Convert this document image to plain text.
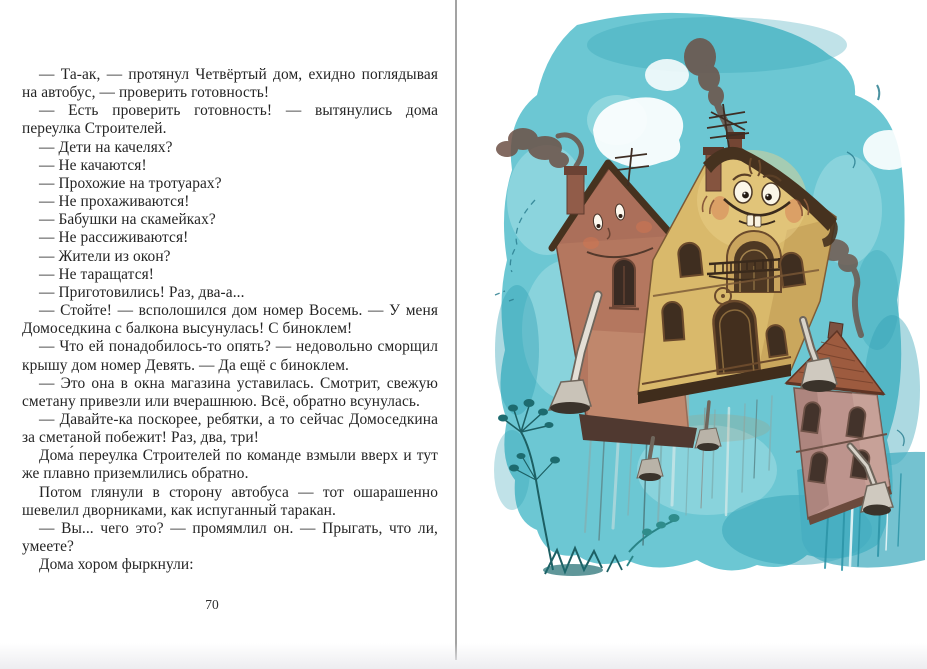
— Та-ак, — протянул Четвёртый дом, ехидно поглядывая на автобус, — проверить готовность!

— Есть проверить готовность! — вытянулись дома переулка Строителей.

— Дети на качелях?

— Не качаются!

— Прохожие на тротуарах?

— Не прохаживаются!

— Бабушки на скамейках?

— Не рассиживаются!

— Жители из окон?

— Не таращатся!

— Приготовились! Раз, два-а...

— Стойте! — всполошился дом номер Восемь. — У меня Домоседкина с балкона высунулась! С биноклем!

— Что ей понадобилось-то опять? — недовольно сморщил крышу дом номер Девять. — Да ещё с биноклем.

— Это она в окна магазина уставилась. Смотрит, свежую сметану привезли или вчерашнюю. Всё, обратно всунулась.

— Давайте-ка поскорее, ребятки, а то сейчас Домоседкина за сметаной побежит! Раз, два, три!

Дома́ переулка Строителей по команде взмыли вверх и тут же плавно приземлились обратно.

Потом глянули в сторону автобуса — тот ошарашенно шевелил дворниками, как испуганный таракан.

— Вы... чего это? — промямлил он. — Прыгать, что ли, умеете?

Дома хором фыркнули:

70
